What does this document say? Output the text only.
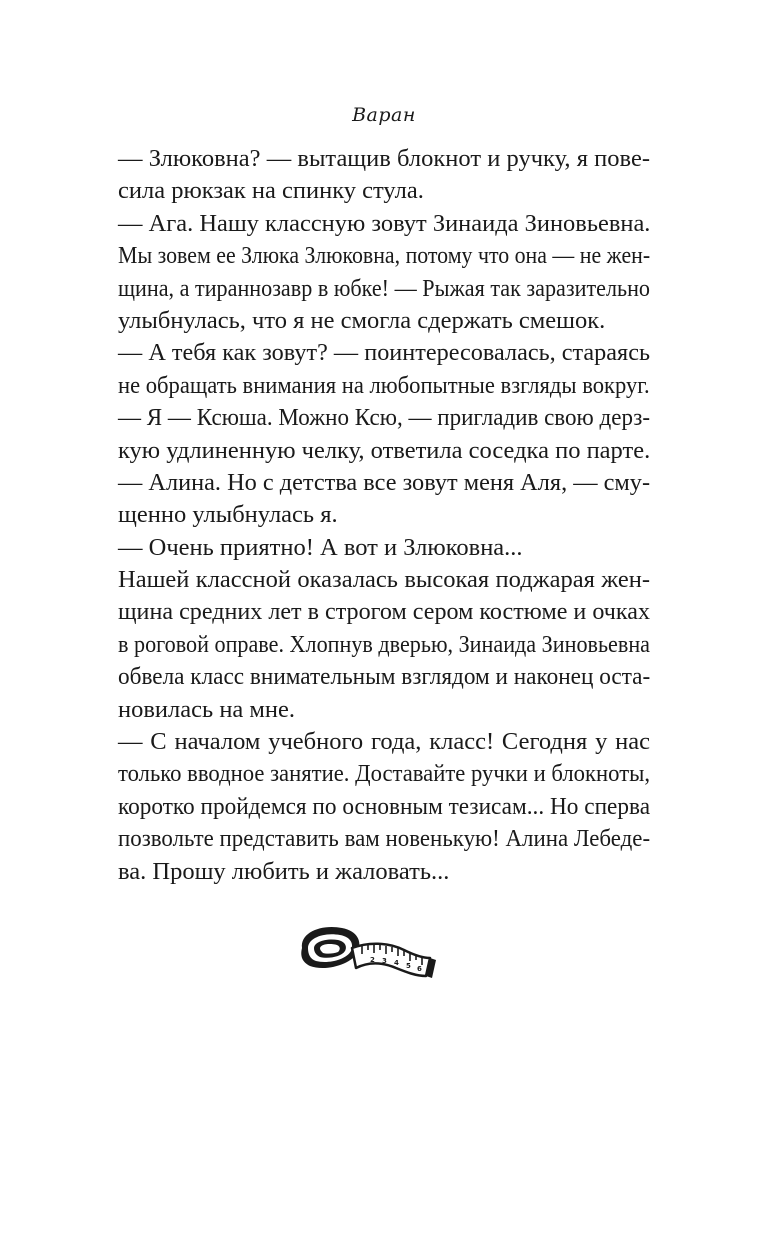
Варан
— Злюковна? — вытащив блокнот и ручку, я пове-
сила рюкзак на спинку стула.
— Ага. Нашу классную зовут Зинаида Зиновьевна.
Мы зовем ее Злюка Злюковна, потому что она — не жен-
щина, а тираннозавр в юбке! — Рыжая так заразительно
улыбнулась, что я не смогла сдержать смешок.
— А тебя как зовут? — поинтересовалась, стараясь
не обращать внимания на любопытные взгляды вокруг.
— Я — Ксюша. Можно Ксю, — пригладив свою дерз-
кую удлиненную челку, ответила соседка по парте.
— Алина. Но с детства все зовут меня Аля, — сму-
щенно улыбнулась я.
— Очень приятно! А вот и Злюковна...
Нашей классной оказалась высокая поджарая жен-
щина средних лет в строгом сером костюме и очках
в роговой оправе. Хлопнув дверью, Зинаида Зиновьевна
обвела класс внимательным взглядом и наконец оста-
новилась на мне.
— С началом учебного года, класс! Сегодня у нас
только вводное занятие. Доставайте ручки и блокноты,
коротко пройдемся по основным тезисам... Но сперва
позвольте представить вам новенькую! Алина Лебеде-
ва. Прошу любить и жаловать...
2 3 4 5 6
